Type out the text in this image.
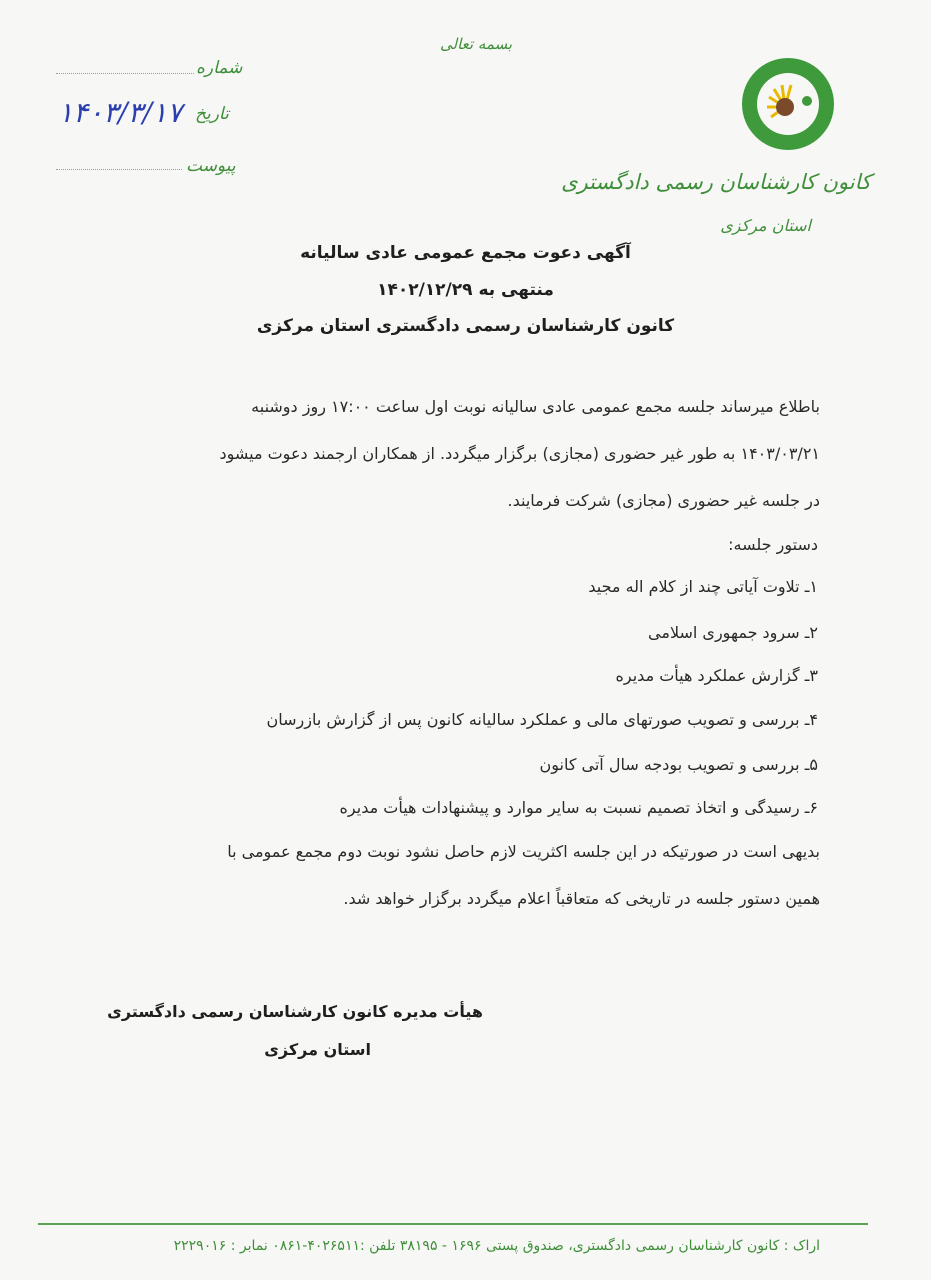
بسمه تعالی
شماره
تاریخ
۱۴۰۳/۳/۱۷
پیوست
کانون کارشناسان رسمی دادگستری
استان مرکزی
آگهی دعوت مجمع عمومی عادی سالیانه
منتهی به ۱۴۰۲/۱۲/۲۹
کانون کارشناسان رسمی دادگستری استان مرکزی
باطلاع میرساند جلسه مجمع عمومی عادی سالیانه نوبت اول ساعت ۱۷:۰۰ روز دوشنبه
۱۴۰۳/۰۳/۲۱ به طور غیر حضوری (مجازی) برگزار میگردد. از همکاران ارجمند دعوت میشود
در جلسه غیر حضوری (مجازی) شرکت فرمایند.
دستور جلسه:
۱ـ تلاوت آیاتی چند از کلام اله مجید
۲ـ سرود جمهوری اسلامی
۳ـ گزارش عملکرد هیأت مدیره
۴ـ بررسی و تصویب صورتهای مالی و عملکرد سالیانه کانون پس از گزارش بازرسان
۵ـ بررسی و تصویب بودجه سال آتی کانون
۶ـ رسیدگی و اتخاذ تصمیم نسبت به سایر موارد و پیشنهادات هیأت مدیره
بدیهی است در صورتیکه در این جلسه اکثریت لازم حاصل نشود نوبت دوم مجمع عمومی با
همین دستور جلسه در تاریخی که متعاقباً اعلام میگردد برگزار خواهد شد.
هیأت مدیره کانون کارشناسان رسمی دادگستری
استان مرکزی
اراک : کانون کارشناسان رسمی دادگستری، صندوق پستی ۱۶۹۶ - ۳۸۱۹۵ تلفن :۴۰۲۶۵۱۱-۰۸۶۱ نمابر : ۲۲۲۹۰۱۶
